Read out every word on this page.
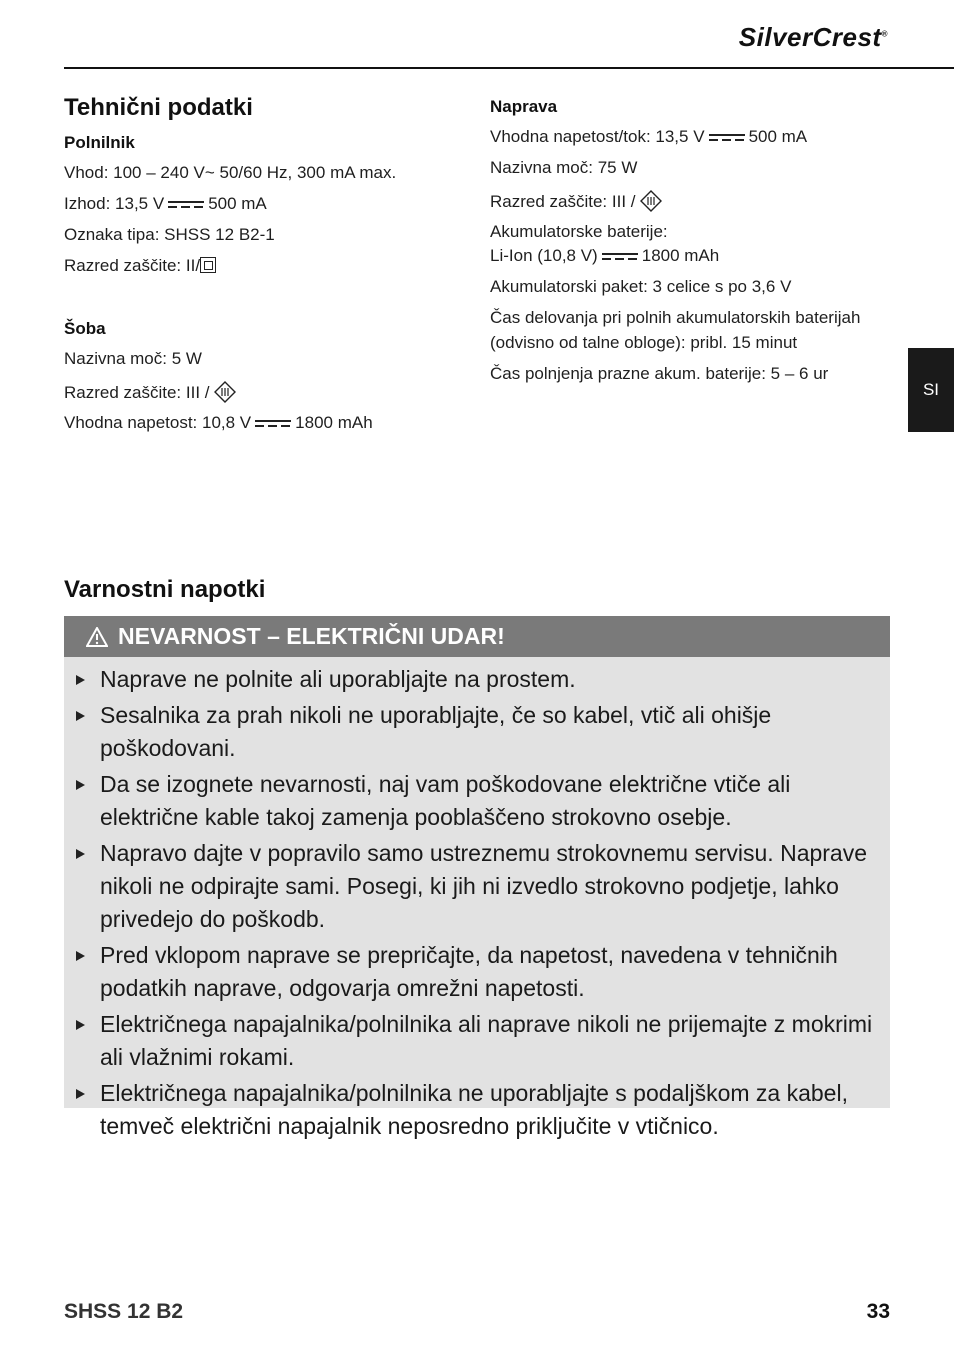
SilverCrest®
Tehnični podatki
Polnilnik
Vhod: 100 – 240 V~ 50/60 Hz, 300 mA max.
Izhod: 13,5 V	500 mA
Oznaka tipa: SHSS 12 B2-1
Razred zaščite: II/
Šoba
Nazivna moč: 5 W
Razred zaščite: III /
Vhodna napetost: 10,8 V	1800 mAh
Naprava
Vhodna napetost/tok: 13,5 V	500 mA
Nazivna moč: 75 W
Razred zaščite: III /
Akumulatorske baterije:
Li-Ion (10,8 V)	1800 mAh
Akumulatorski paket: 3 celice s po 3,6 V
Čas delovanja pri polnih akumulatorskih baterijah
(odvisno od talne obloge): pribl. 15 minut
Čas polnjenja prazne akum. baterije: 5 – 6 ur
SI
Varnostni napotki
NEVARNOST – ELEKTRIČNI UDAR!
Naprave ne polnite ali uporabljajte na prostem.
Sesalnika za prah nikoli ne uporabljajte, če so kabel, vtič ali ohišje poškodovani.
Da se izognete nevarnosti, naj vam poškodovane električne vtiče ali električne kable takoj zamenja pooblaščeno strokovno osebje.
Napravo dajte v popravilo samo ustreznemu strokovnemu servisu. Naprave nikoli ne odpirajte sami. Posegi, ki jih ni izvedlo strokovno podjetje, lahko privedejo do poškodb.
Pred vklopom naprave se prepričajte, da napetost, navedena v tehničnih podatkih naprave, odgovarja omrežni napetosti.
Električnega napajalnika/polnilnika ali naprave nikoli ne prijemajte z mokrimi ali vlažnimi rokami.
Električnega napajalnika/polnilnika ne uporabljajte s podaljškom za kabel, temveč električni napajalnik neposredno priključite v vtičnico.
SHSS 12 B2	33
